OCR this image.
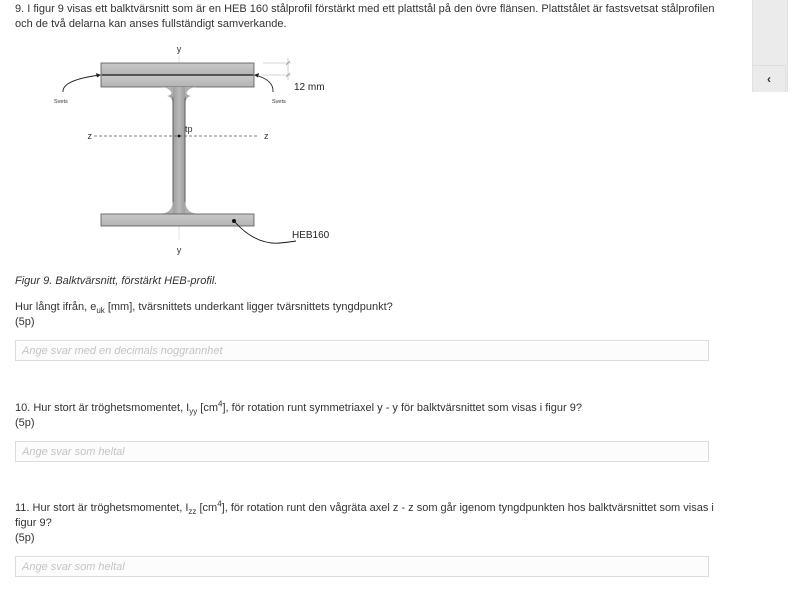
9. I figur 9 visas ett balktvärsnitt som är en HEB 160 stålprofil förstärkt med ett plattstål på den övre flänsen. Plattstålet är fastsvetsat stålprofilen och de två delarna kan anses fullständigt samverkande.
y
y
z	z
tp
Svets	Svets
12 mm
HEB160
Figur 9. Balktvärsnitt, förstärkt HEB-profil.
Hur långt ifrån, $e_{uk}$ [mm], tvärsnittets underkant ligger tvärsnittets tyngdpunkt?
(5p)
Ange svar med en decimals noggrannhet
10. Hur stort är tröghetsmomentet, $I_{yy}$ $[cm^4]$, för rotation runt symmetriaxel y - y för balktvärsnittet som visas i figur 9?
(5p)
Ange svar som heltal
11. Hur stort är tröghetsmomentet, $I_{zz}$ $[cm^4]$, för rotation runt den vågräta axel z - z som går igenom tyngdpunkten hos balktvärsnittet som visas i figur 9?
(5p)
Ange svar som heltal
‹
